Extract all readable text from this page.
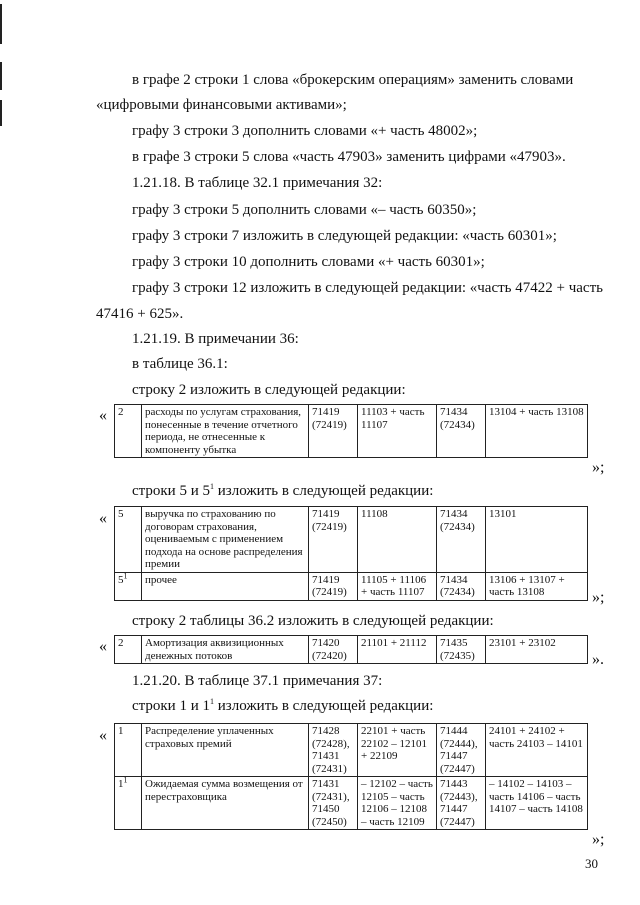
в графе 2 строки 1 слова «брокерским операциям» заменить словами
«цифровыми финансовыми активами»;
графу 3 строки 3 дополнить словами «+ часть 48002»;
в графе 3 строки 5 слова «часть 47903» заменить цифрами «47903».
1.21.18. В таблице 32.1 примечания 32:
графу 3 строки 5 дополнить словами «– часть 60350»;
графу 3 строки 7 изложить в следующей редакции: «часть 60301»;
графу 3 строки 10 дополнить словами «+ часть 60301»;
графу 3 строки 12 изложить в следующей редакции: «часть 47422 + часть
47416 + 625».
1.21.19. В примечании 36:
в таблице 36.1:
строку 2 изложить в следующей редакции:
« 2	расходы по услугам страхования, понесенные в течение отчетного периода, не отнесенные к компоненту убытка	71419 (72419)	11103 + часть 11107	71434 (72434)	13104 + часть 13108
»;
строки 5 и $5^1$ изложить в следующей редакции:
« 5	выручка по страхованию по договорам страхования, оцениваемым с применением подхода на основе распределения премии	71419 (72419)	11108	71434 (72434)	13101
$5^1$	прочее	71419 (72419)	11105 + 11106 + часть 11107	71434 (72434)	13106 + 13107 + часть 13108	»;
строку 2 таблицы 36.2 изложить в следующей редакции:
« 2	Амортизация аквизиционных денежных потоков	71420 (72420)	21101 + 21112	71435 (72435)	23101 + 23102
».
1.21.20. В таблице 37.1 примечания 37:
строки 1 и $1^1$ изложить в следующей редакции:
« 1	Распределение уплаченных страховых премий	71428 (72428), 71431 (72431)	22101 + часть 22102 – 12101 + 22109	71444 (72444), 71447 (72447)	24101 + 24102 + часть 24103 – 14101
$1^1$	Ожидаемая сумма возмещения от перестраховщика	71431 (72431), 71450 (72450)	– 12102 – часть 12105 – часть 12106 – 12108 – часть 12109	71443 (72443), 71447 (72447)	– 14102 – 14103 – часть 14106 – часть 14107 – часть 14108
»;
30
